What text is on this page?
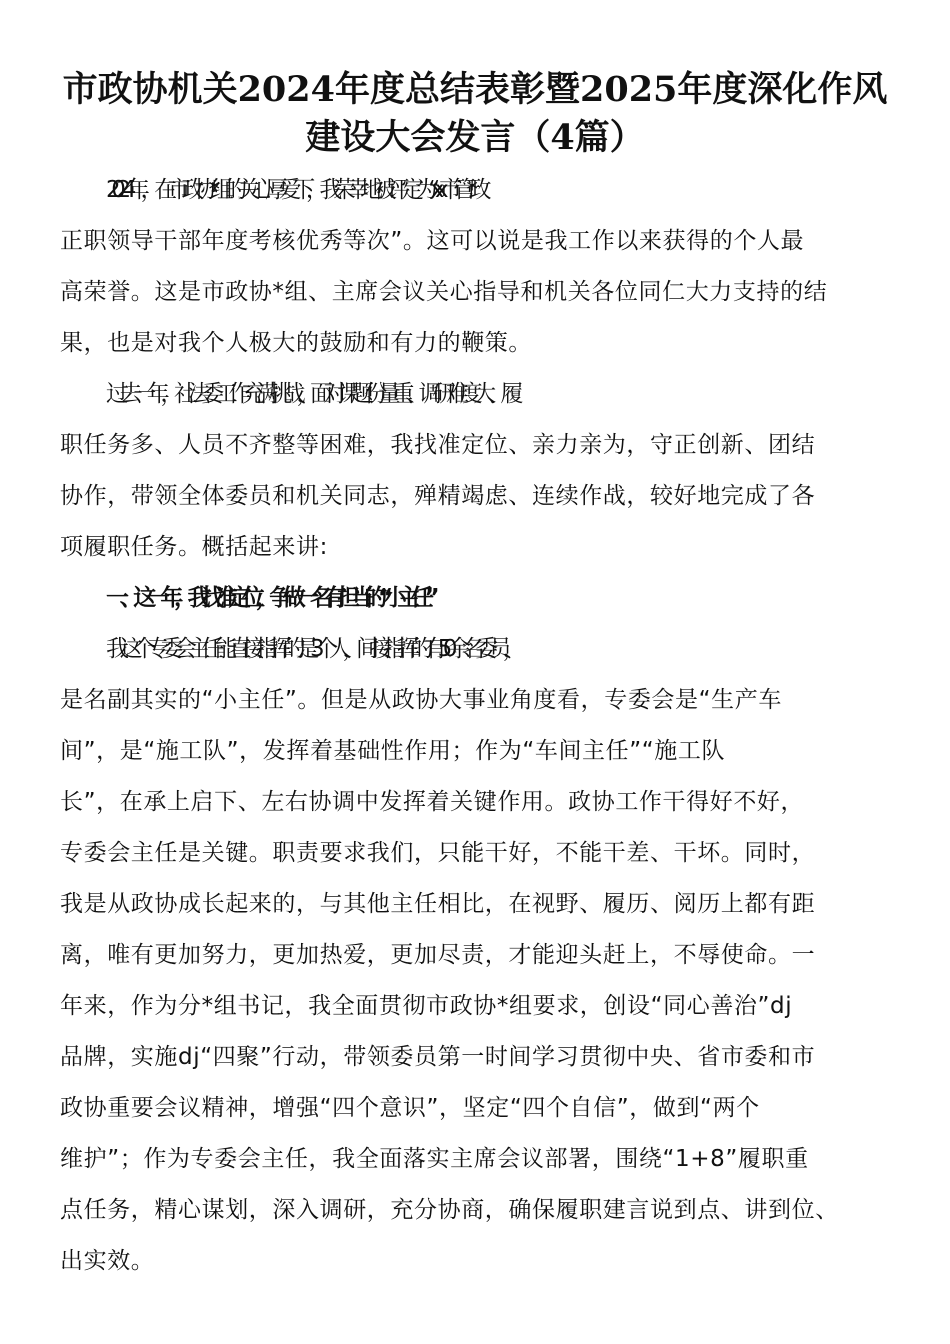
市政协机关2024年度总结表彰暨2025年度深化作风
建设大会发言（4篇）

2024年，在市政协*组的关心厚爱下，我荣幸地被评定为“xx市管*政

正职领导干部年度考核优秀等次”。这可以说是我工作以来获得的个人最

高荣誉。这是市政协*组、主席会议关心指导和机关各位同仁大力支持的结

果，也是对我个人极大的鼓励和有力的鞭策。

过去一年，社法委工作充满挑战，面对课题份量重、调研难度大、履

职任务多、人员不齐整等困难，我找准定位、亲力亲为，守正创新、团结

协作，带领全体委员和机关同志，殚精竭虑、连续作战，较好地完成了各

项履职任务。概括起来讲:

一、这一年，我找准定位，争做一名有担当的“小主任”

我这个专委会主任能直接指挥的是3个人，间接指挥的有50余名委员，

是名副其实的“小主任”。但是从政协大事业角度看，专委会是“生产车

间”，是“施工队”，发挥着基础性作用；作为“车间主任”“施工队

长”，在承上启下、左右协调中发挥着关键作用。政协工作干得好不好，

专委会主任是关键。职责要求我们，只能干好，不能干差、干坏。同时，

我是从政协成长起来的，与其他主任相比，在视野、履历、阅历上都有距

离，唯有更加努力，更加热爱，更加尽责，才能迎头赶上，不辱使命。一

年来，作为分*组书记，我全面贯彻市政协*组要求，创设“同心善治”dj

品牌，实施dj“四聚”行动，带领委员第一时间学习贯彻中央、省市委和市

政协重要会议精神，增强“四个意识”，坚定“四个自信”，做到“两个

维护”；作为专委会主任，我全面落实主席会议部署，围绕“1+8”履职重

点任务，精心谋划，深入调研，充分协商，确保履职建言说到点、讲到位、

出实效。
